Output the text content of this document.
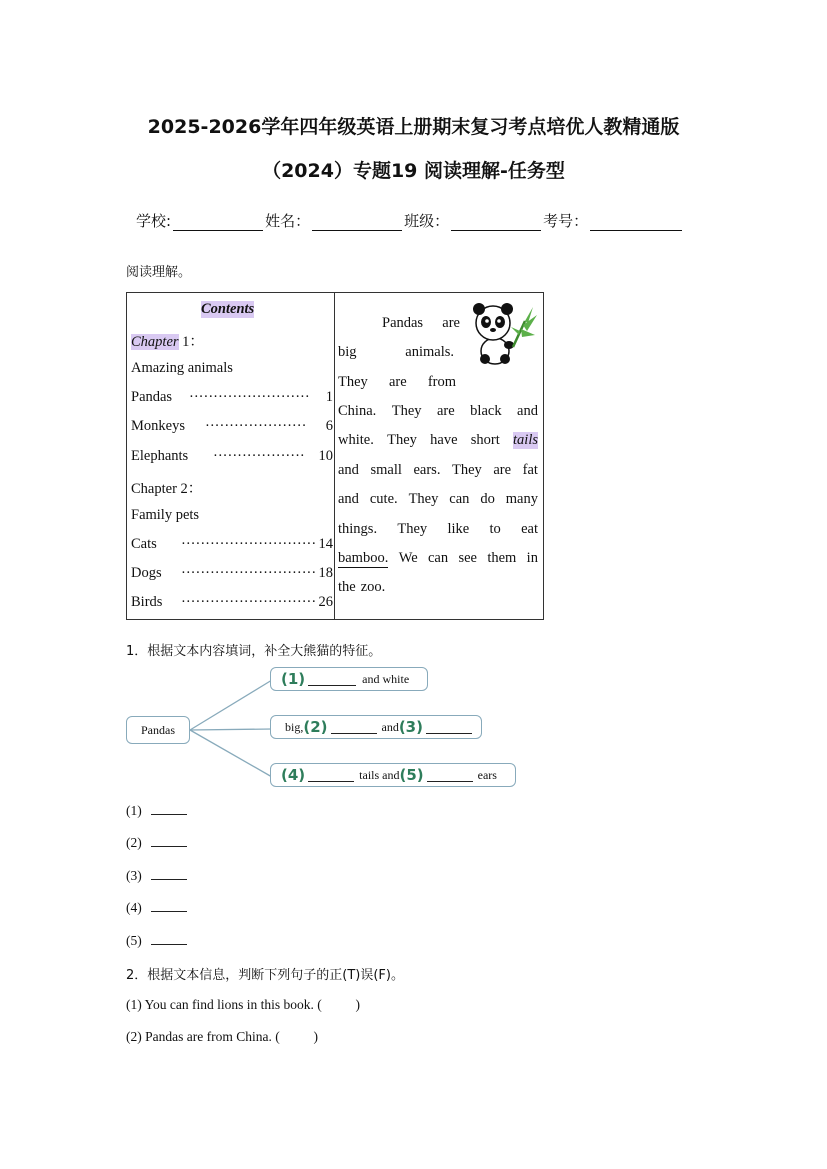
2025-2026学年四年级英语上册期末复习考点培优人教精通版
（2024）专题19 阅读理解-任务型
学校:	姓名：	班级：	考号：
阅读理解。
Contents
Chapter 1：
Amazing animals
Pandas ························· 1
Monkeys ····················· 6
Elephants ··················· 10
Chapter 2：
Family pets
Cats ···························· 14
Dogs ···························· 18
Birds ···························· 26
Pandas are
big	animals.
They are from
China. They are black and
white. They have short tails
and small ears. They are fat
and cute. They can do many
things. They like to eat
bamboo. We can see them in
the zoo.
1．根据文本内容填词，补全大熊猫的特征。
Pandas
(1)	and white
big, (2)	and (3)
(4)	tails and (5)	ears
(1)
(2)
(3)
(4)
(5)
2．根据文本信息，判断下列句子的正(T)误(F)。
(1) You can find lions in this book. (          )
(2) Pandas are from China. (          )
